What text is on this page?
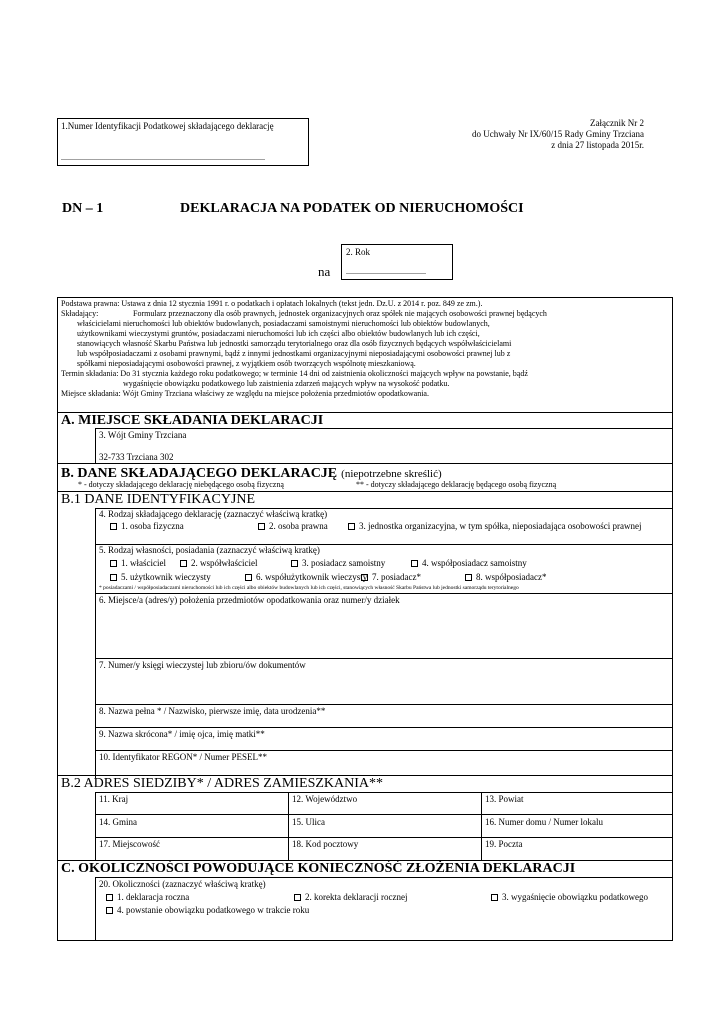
1.Numer Identyfikacji Podatkowej składającego deklarację
......................................................................................................
Załącznik Nr 2
do Uchwały Nr IX/60/15 Rady Gminy Trzciana
z dnia 27 listopada 2015r.
DN – 1	DEKLARACJA NA PODATEK OD NIERUCHOMOŚCI
na
2. Rok
........................................
Podstawa prawna: Ustawa z dnia 12 stycznia 1991 r. o podatkach i opłatach lokalnych (tekst jedn. Dz.U. z 2014 r. poz. 849 ze zm.).
Składający:	Formularz przeznaczony dla osób prawnych, jednostek organizacyjnych oraz spółek nie mających osobowości prawnej będących
właścicielami nieruchomości lub obiektów budowlanych, posiadaczami samoistnymi nieruchomości lub obiektów budowlanych,
użytkownikami wieczystymi gruntów, posiadaczami nieruchomości lub ich części albo obiektów budowlanych lub ich części,
stanowiących własność Skarbu Państwa lub jednostki samorządu terytorialnego oraz dla osób fizycznych będących współwłaścicielami
lub współposiadaczami z osobami prawnymi, bądź z innymi jednostkami organizacyjnymi nieposiadającymi osobowości prawnej lub z
spółkami nieposiadającymi osobowości prawnej, z wyjątkiem osób tworzących wspólnotę mieszkaniową.
Termin składania: Do 31 stycznia każdego roku podatkowego; w terminie 14 dni od zaistnienia okoliczności mających wpływ na powstanie, bądź
wygaśnięcie obowiązku podatkowego lub zaistnienia zdarzeń mających wpływ na wysokość podatku.
Miejsce składania: Wójt Gminy Trzciana właściwy ze względu na miejsce położenia przedmiotów opodatkowania.
A. MIEJSCE SKŁADANIA DEKLARACJI
3. Wójt Gminy Trzciana
32-733 Trzciana 302
B. DANE SKŁADAJĄCEGO DEKLARACJĘ (niepotrzebne skreślić)
* - dotyczy składającego deklarację niebędącego osobą fizyczną	** - dotyczy składającego deklarację będącego osobą fizyczną
B.1 DANE IDENTYFIKACYJNE
4. Rodzaj składającego deklarację (zaznaczyć właściwą kratkę)
1. osoba fizyczna	2. osoba prawna	3. jednostka organizacyjna, w tym spółka, nieposiadająca osobowości prawnej
5. Rodzaj własności, posiadania (zaznaczyć właściwą kratkę)
1. właściciel	2. współwłaściciel	3. posiadacz samoistny	4. współposiadacz samoistny
5. użytkownik wieczysty	6. współużytkownik wieczysty 7. posiadacz*	8. współposiadacz*
* posiadaczami / współposiadaczami nieruchomości lub ich części albo obiektów budowlanych lub ich części, stanowiących własność Skarbu Państwa lub jednostki samorządu terytorialnego
6. Miejsce/a (adres/y) położenia przedmiotów opodatkowania oraz numer/y działek
7. Numer/y księgi wieczystej lub zbioru/ów dokumentów
8. Nazwa pełna * / Nazwisko, pierwsze imię, data urodzenia**
9. Nazwa skrócona* / imię ojca, imię matki**
10. Identyfikator REGON* / Numer PESEL**
B.2 ADRES SIEDZIBY* / ADRES ZAMIESZKANIA**
11. Kraj	12. Województwo	13. Powiat
14. Gmina	15. Ulica	16. Numer domu / Numer lokalu
17. Miejscowość	18. Kod pocztowy	19. Poczta
C. OKOLICZNOŚCI POWODUJĄCE KONIECZNOŚĆ ZŁOŻENIA DEKLARACJI
20. Okoliczności (zaznaczyć właściwą kratkę)
1. deklaracja roczna	2. korekta deklaracji rocznej	3. wygaśnięcie obowiązku podatkowego
4. powstanie obowiązku podatkowego w trakcie roku
